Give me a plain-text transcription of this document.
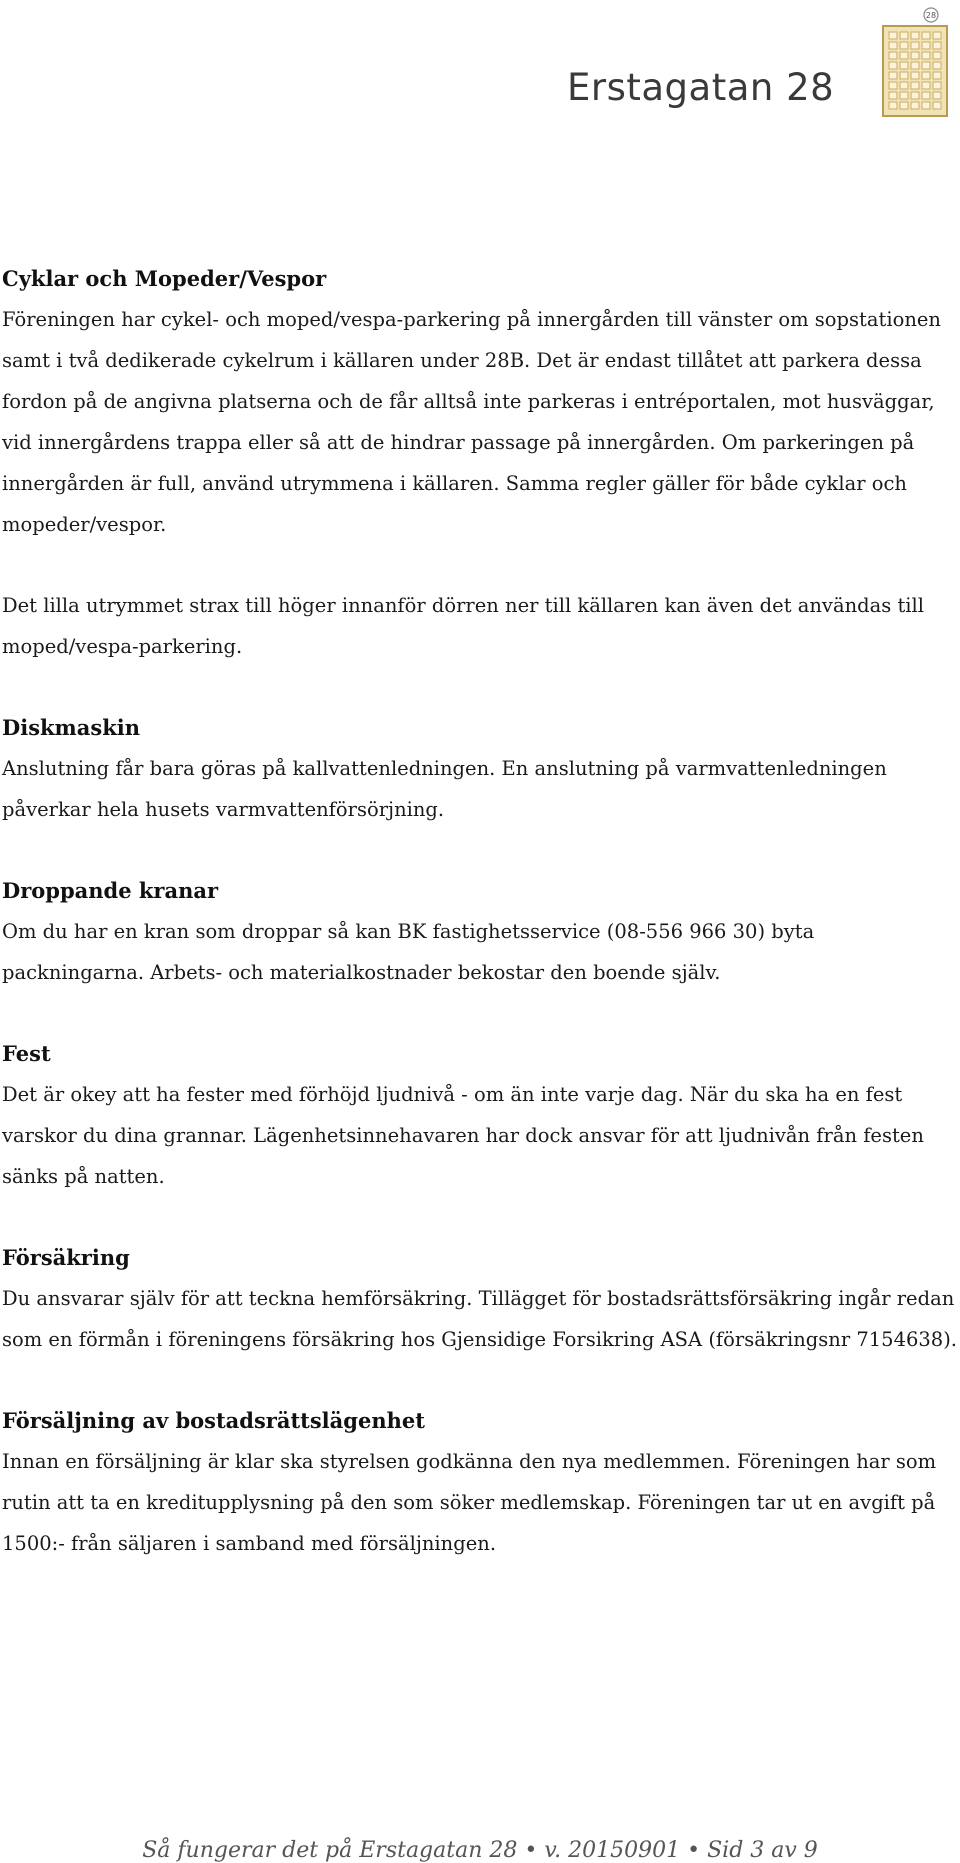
Erstagatan 28
28
Cyklar och Mopeder/Vespor

Föreningen har cykel- och moped/vespa-parkering på innergården till vänster om sopstationen samt i två dedikerade cykelrum i källaren under 28B. Det är endast tillåtet att parkera dessa fordon på de angivna platserna och de får alltså inte parkeras i entréportalen, mot husväggar, vid innergårdens trappa eller så att de hindrar passage på innergården. Om parkeringen på innergården är full, använd utrymmena i källaren. Samma regler gäller för både cyklar och mopeder/vespor.

Det lilla utrymmet strax till höger innanför dörren ner till källaren kan även det användas till moped/vespa-parkering.

Diskmaskin

Anslutning får bara göras på kallvattenledningen. En anslutning på varmvattenledningen påverkar hela husets varmvattenförsörjning.

Droppande kranar

Om du har en kran som droppar så kan BK fastighetsservice (08-556 966 30) byta packningarna. Arbets- och materialkostnader bekostar den boende själv.

Fest

Det är okey att ha fester med förhöjd ljudnivå - om än inte varje dag. När du ska ha en fest varskor du dina grannar. Lägenhetsinnehavaren har dock ansvar för att ljudnivån från festen sänks på natten.

Försäkring

Du ansvarar själv för att teckna hemförsäkring. Tillägget för bostadsrättsförsäkring ingår redan som en förmån i föreningens försäkring hos Gjensidige Forsikring ASA (försäkringsnr 7154638).

Försäljning av bostadsrättslägenhet

Innan en försäljning är klar ska styrelsen godkänna den nya medlemmen. Föreningen har som rutin att ta en kreditupplysning på den som söker medlemskap. Föreningen tar ut en avgift på 1500:- från säljaren i samband med försäljningen.

Så fungerar det på Erstagatan 28 • v. 20150901 • Sid 3 av 9
